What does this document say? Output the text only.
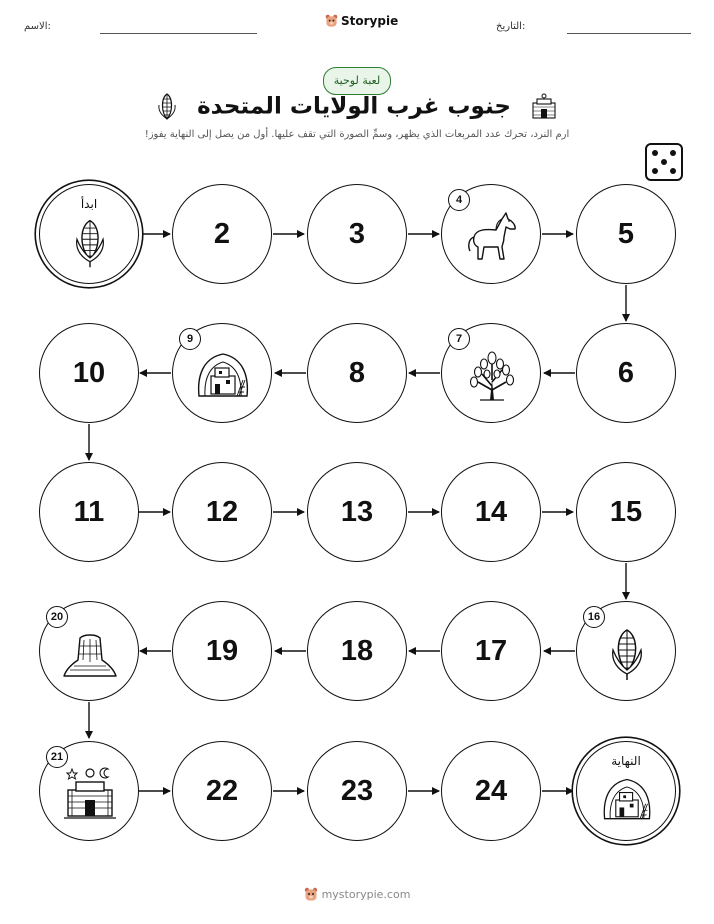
الاسم:	Storypie	التاريخ:
لعبة لوحية
جنوب غرب الولايات المتحدة
ارم النرد، تحرك عدد المربعات الذي يظهر، وسمِّ الصورة التي تقف عليها. أول من يصل إلى النهاية يفوز!
ابدأ
2	3
4
5
6
7
8
9
10
11	12	13	14	15
16
17
18
19
20
21
22	23	24
النهاية
mystorypie.com
